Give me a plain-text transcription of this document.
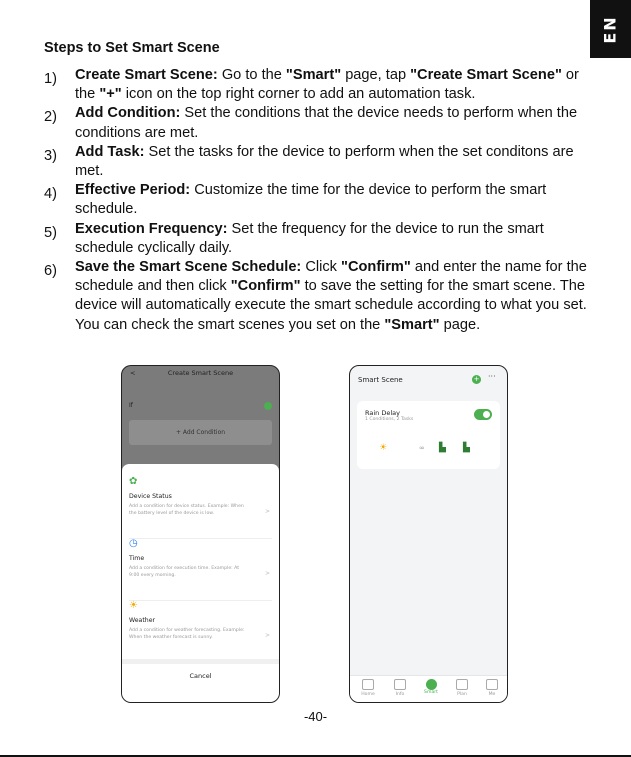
EN
Steps to Set Smart Scene
1) Create Smart Scene: Go to the "Smart" page, tap "Create Smart Scene" or the "+" icon on the top right corner to add an automation task.
2) Add Condition: Set the conditions that the device needs to perform when the conditions are met.
3) Add Task: Set the tasks for the device to perform when the set conditons are met.
4) Effective Period: Customize the time for the device to perform the smart schedule.
5) Execution Frequency: Set the frequency for the device to run the smart schedule cyclically daily.
6) Save the Smart Scene Schedule: Click "Confirm" and enter the name for the schedule and then click "Confirm" to save the setting for the smart scene. The device will automatically execute the smart schedule according to what you set. You can check the smart scenes you set on the "Smart" page.
<	Create Smart Scene
If
+ Add Condition
Cancel
✿
Device Status
Add a condition for device status. Example: When the battery level of the device is low.	>
◷
Time
Add a condition for execution time. Example: At 9:00 every morning.	>
☀
Weather
Add a condition for weather forecasting. Example: When the weather forecast is sunny.	>
Smart Scene	+ ···
Rain Delay
1 Conditions, 2 Tasks
☀	∞ ▙ ▙
Home	Info	Smart	Plan	Me
-40-
